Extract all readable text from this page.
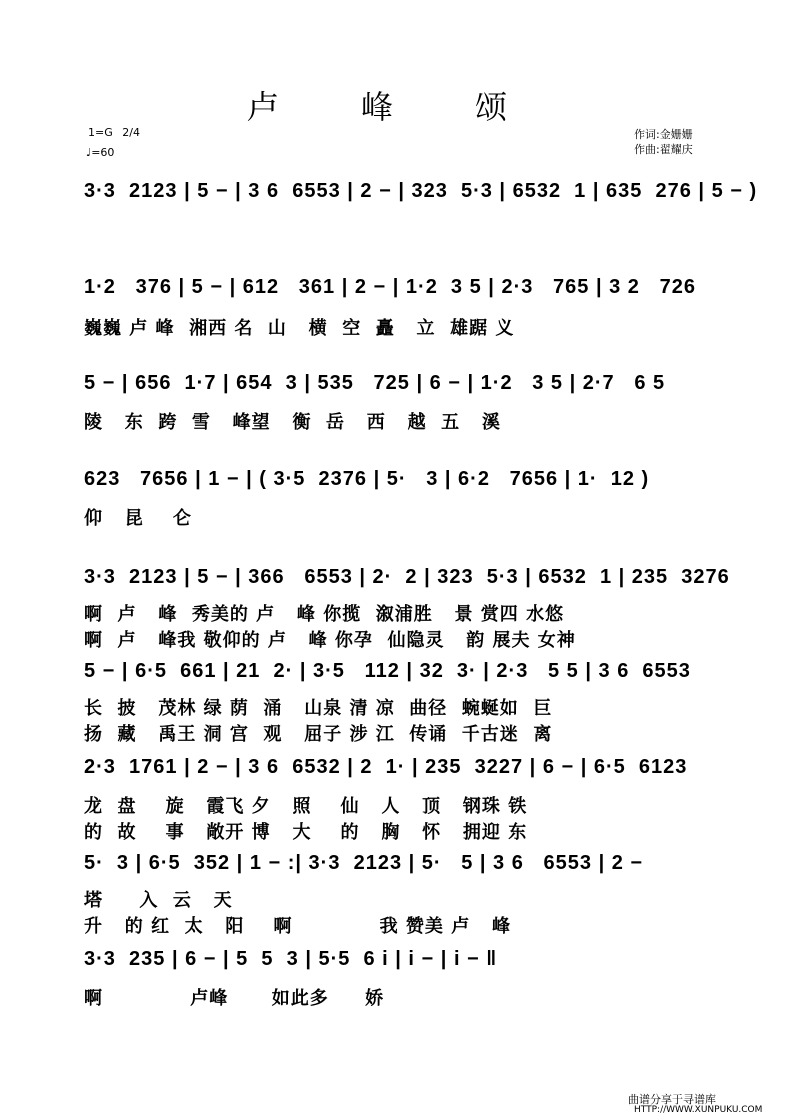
卢 峰 颂
1=G 2/4
♩=60
作词:金姗姗
作曲:翟耀庆
3·3  2123 | 5 − | 3 6  6553 | 2 − | 323  5·3 | 6532  1 | 635  276 | 5 − )
1·2   376 | 5 − | 612   361 | 2 − | 1·2  3 5 | 2·3   765 | 3 2   726
巍巍 卢 峰  湘西 名  山   横  空  矗   立  雄踞 义
5 − | 656  1·7 | 654  3 | 535   725 | 6 − | 1·2   3 5 | 2·7   6 5
陵   东  跨  雪   峰望   衡  岳   西   越  五   溪
623   7656 | 1 − | ( 3·5  2376 | 5·   3 | 6·2   7656 | 1·  12 )
仰   昆    仑
3·3  2123 | 5 − | 366   6553 | 2·  2 | 323  5·3 | 6532  1 | 235  3276
啊  卢   峰  秀美的 卢   峰 你揽  溆浦胜   景 赏四 水悠
啊  卢   峰我 敬仰的 卢   峰 你孕  仙隐灵   韵 展夫 女神
5 − | 6·5  661 | 21  2· | 3·5   112 | 32  3· | 2·3   5 5 | 3 6  6553
长  披   茂林 绿 荫  涌   山泉 清 凉  曲径  蜿蜒如  巨
扬  藏   禹王 洞 宫  观   屈子 涉 江  传诵  千古迷  离
2·3  1761 | 2 − | 3 6  6532 | 2  1· | 235  3227 | 6 − | 6·5  6123
龙  盘    旋   霞飞 夕   照    仙   人   顶   钢珠 铁
的  故    事   敞开 博   大    的   胸   怀   拥迎 东
5·  3 | 6·5  352 | 1 − :| 3·3  2123 | 5·   5 | 3 6   6553 | 2 −
塔     入  云   天
升   的 红  太   阳    啊            我 赞美 卢   峰
3·3  235 | 6 − | 5  5  3 | 5·5  6 i | i − | i − ‖
啊            卢峰      如此多     娇
曲谱分享于寻谱库
HTTP://WWW.XUNPUKU.COM
